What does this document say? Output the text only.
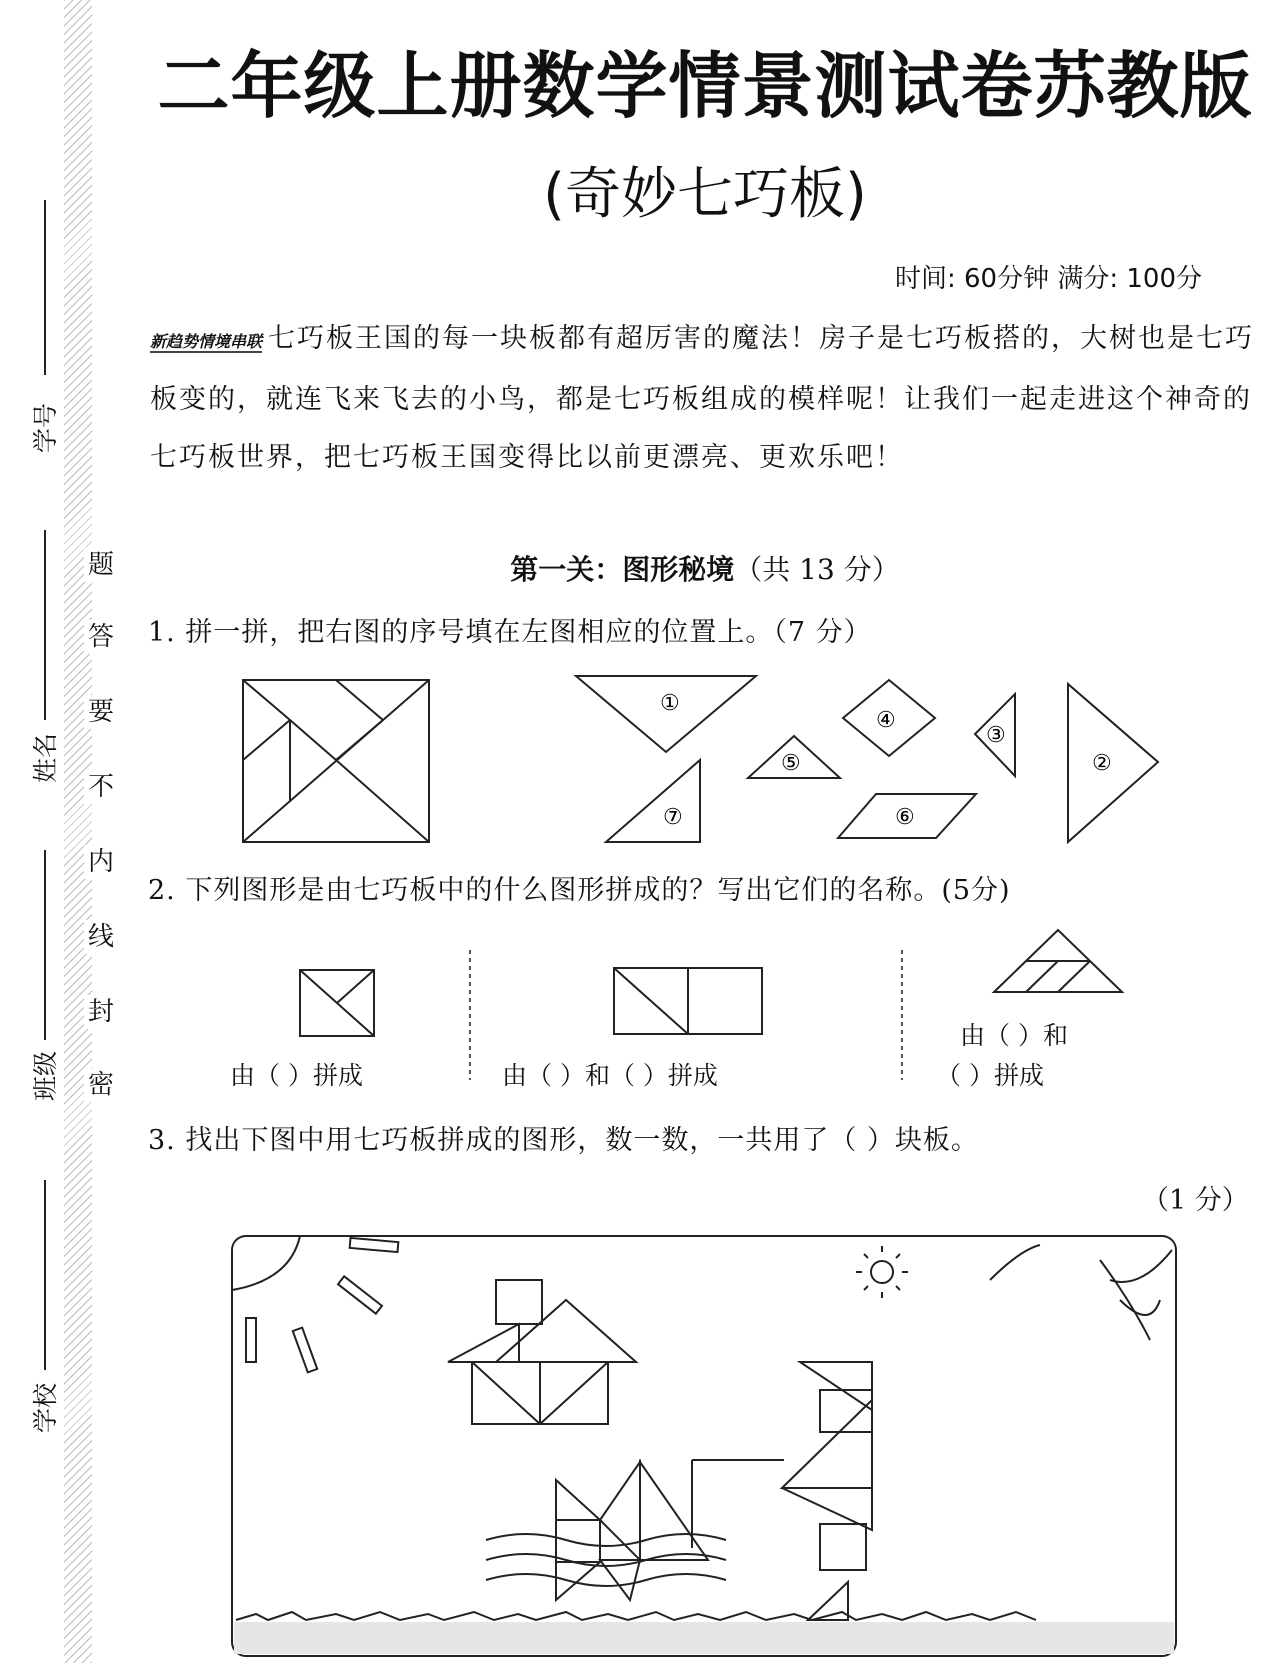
题
答
要
不
内
线
封
密
学号
姓名
班级
学校
二年级上册数学情景测试卷苏教版
(奇妙七巧板)
时间: 60分钟 满分: 100分
新趋势情境串联 七巧板王国的每一块板都有超厉害的魔法！房子是七巧板搭的，大树也是七巧板变的，就连飞来飞去的小鸟，都是七巧板组成的模样呢！让我们一起走进这个神奇的七巧板世界，把七巧板王国变得比以前更漂亮、更欢乐吧！
第一关：图形秘境（共 13 分）
1. 拼一拼，把右图的序号填在左图相应的位置上。（7 分）
①
②
③
④
⑤
⑥
⑦
2. 下列图形是由七巧板中的什么图形拼成的？写出它们的名称。(5分)
由（ ）拼成	由（ ）和（ ）拼成
由（ ）和
（ ）拼成
3. 找出下图中用七巧板拼成的图形，数一数，一共用了（ ）块板。
（1 分）
